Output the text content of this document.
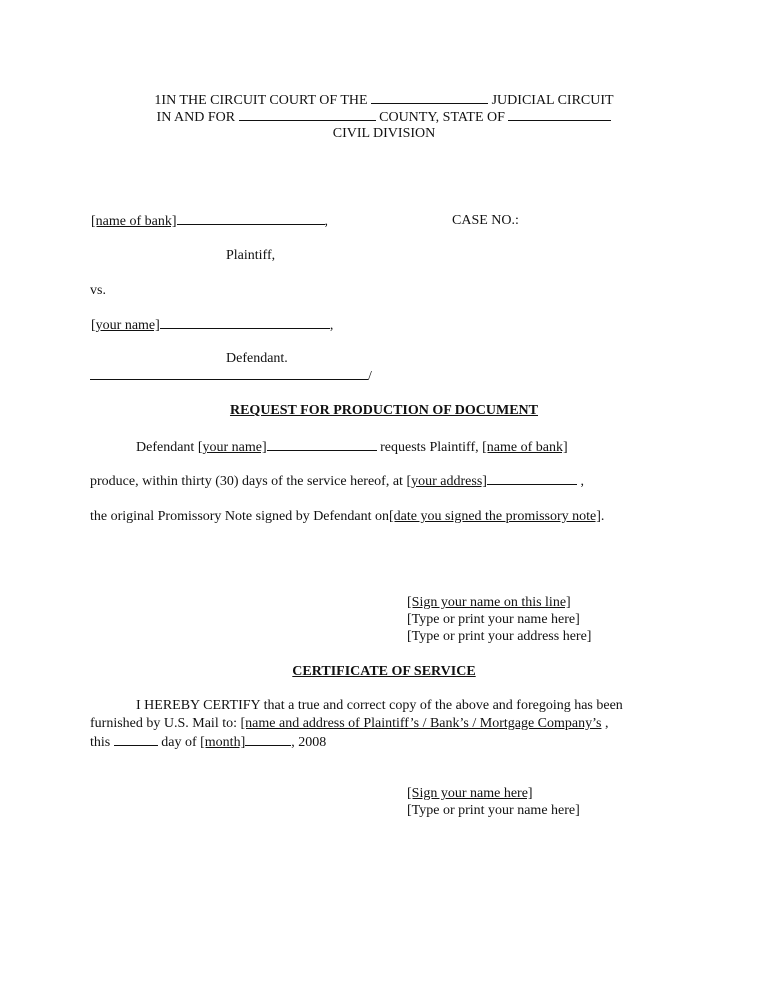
1IN THE CIRCUIT COURT OF THE	JUDICIAL CIRCUIT
IN AND FOR	COUNTY, STATE OF
CIVIL DIVISION
[name of bank]	,	CASE NO.:
Plaintiff,
vs.
[your name]	,
Defendant.
/
REQUEST FOR PRODUCTION OF DOCUMENT
Defendant [your name]	requests Plaintiff, [name of bank]
produce, within thirty (30) days of the service hereof, at [your address]	,
the original Promissory Note signed by Defendant on[date you signed the promissory note].
[Sign your name on this line]
[Type or print your name here]
[Type or print your address here]
CERTIFICATE OF SERVICE
I HEREBY CERTIFY that a true and correct copy of the above and foregoing has been
furnished by U.S. Mail to: [name and address of Plaintiff’s / Bank’s / Mortgage Company’s ,
this	day of [month]	, 2008
[Sign your name here]
[Type or print your name here]
